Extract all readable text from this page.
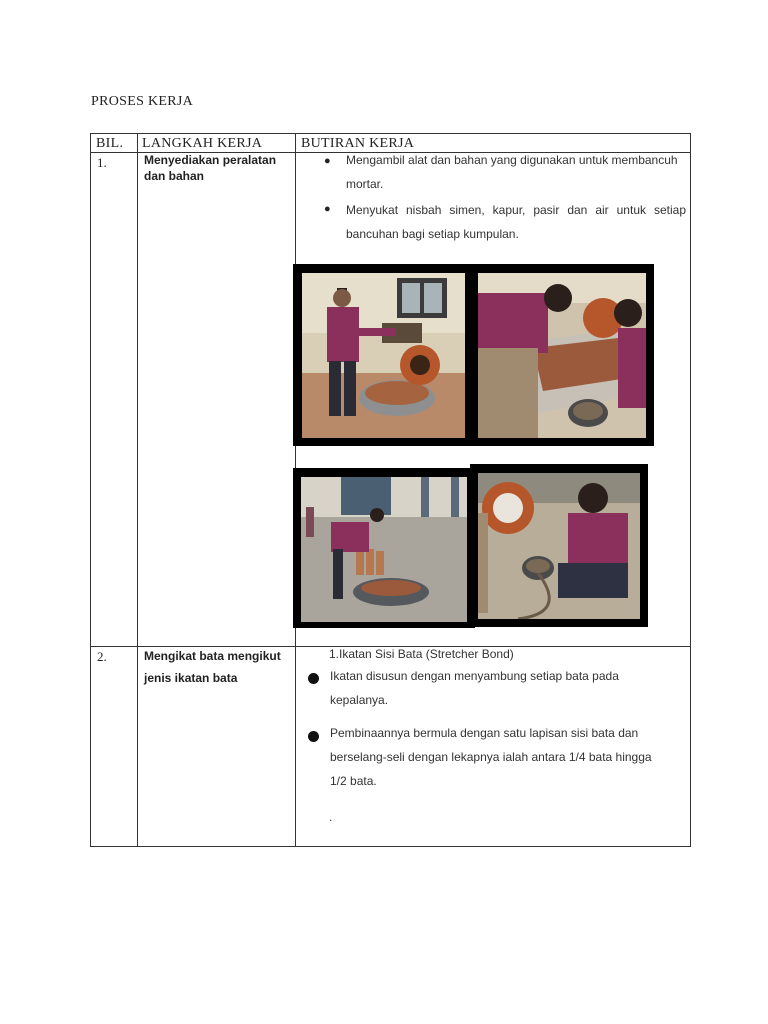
PROSES KERJA
BIL. LANGKAH KERJA	BUTIRAN KERJA
1.	Menyediakan peralatan dan bahan
● Mengambil alat dan bahan yang digunakan untuk membancuh mortar.
● Menyukat nisbah simen, kapur, pasir dan air untuk setiap bancuhan bagi setiap kumpulan.
2.	Mengikat bata mengikut jenis ikatan bata
1.Ikatan Sisi Bata (Stretcher Bond)
Ikatan disusun dengan menyambung setiap bata pada kepalanya.
Pembinaannya bermula dengan satu lapisan sisi bata dan berselang-seli dengan lekapnya ialah antara 1/4 bata hingga 1/2 bata.
.
